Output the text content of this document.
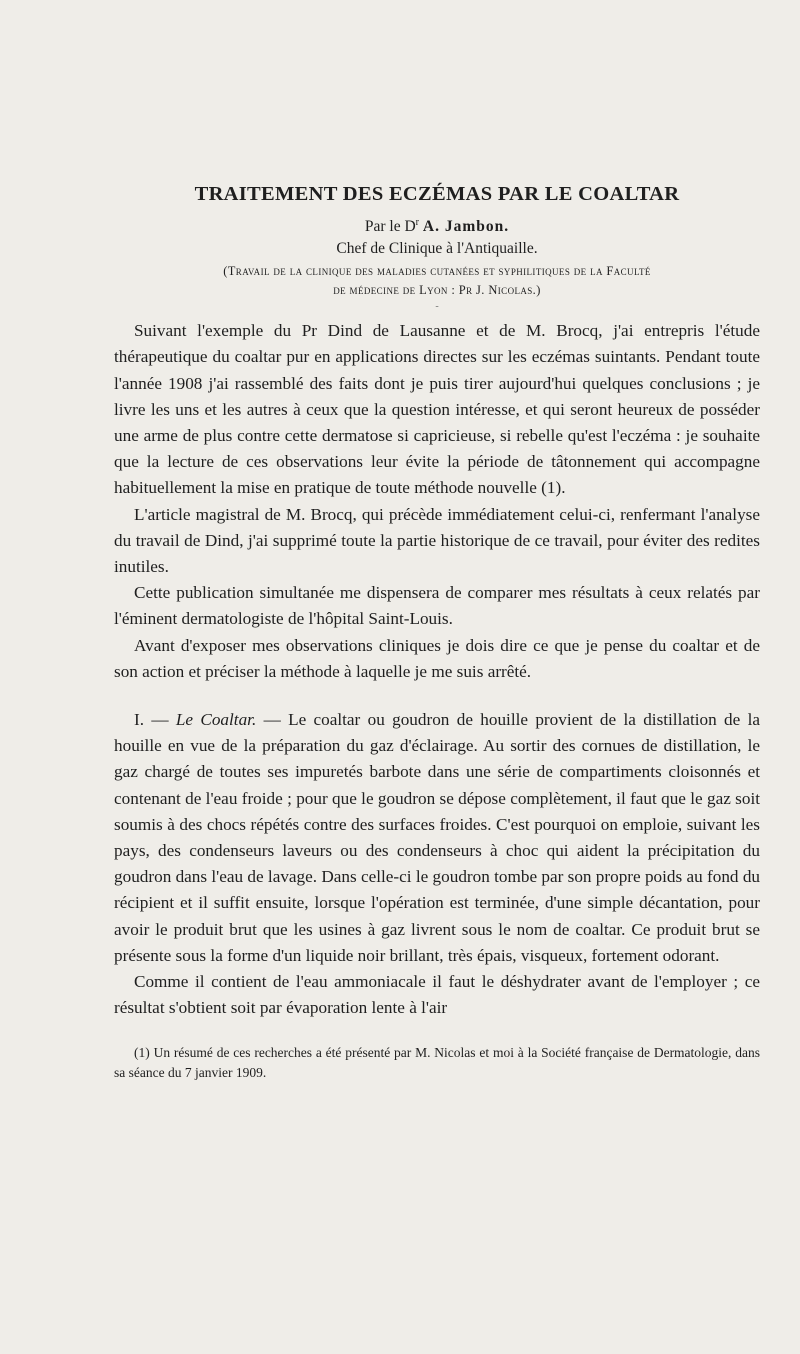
TRAITEMENT DES ECZÉMAS PAR LE COALTAR

Par le $D^r$ A. Jambon.

Chef de Clinique à l'Antiquaille.

(Travail de la clinique des maladies cutanées et syphilitiques de la Faculté

de médecine de Lyon : Pr J. Nicolas.)

-

Suivant l'exemple du Pr Dind de Lausanne et de M. Brocq, j'ai entrepris l'étude thérapeutique du coaltar pur en applications directes sur les eczémas suintants. Pendant toute l'année 1908 j'ai rassemblé des faits dont je puis tirer aujourd'hui quelques conclusions ; je livre les uns et les autres à ceux que la question intéresse, et qui seront heureux de posséder une arme de plus contre cette dermatose si capricieuse, si rebelle qu'est l'eczéma : je souhaite que la lecture de ces observations leur évite la période de tâtonnement qui accompagne habituellement la mise en pratique de toute méthode nouvelle (1).

L'article magistral de M. Brocq, qui précède immédiatement celui-ci, renfermant l'analyse du travail de Dind, j'ai supprimé toute la partie historique de ce travail, pour éviter des redites inutiles.

Cette publication simultanée me dispensera de comparer mes résultats à ceux relatés par l'éminent dermatologiste de l'hôpital Saint-Louis.

Avant d'exposer mes observations cliniques je dois dire ce que je pense du coaltar et de son action et préciser la méthode à laquelle je me suis arrêté.

I. — Le Coaltar. — Le coaltar ou goudron de houille provient de la distillation de la houille en vue de la préparation du gaz d'éclairage. Au sortir des cornues de distillation, le gaz chargé de toutes ses impuretés barbote dans une série de compartiments cloisonnés et contenant de l'eau froide ; pour que le goudron se dépose complètement, il faut que le gaz soit soumis à des chocs répétés contre des surfaces froides. C'est pourquoi on emploie, suivant les pays, des condenseurs laveurs ou des condenseurs à choc qui aident la précipitation du goudron dans l'eau de lavage. Dans celle-ci le goudron tombe par son propre poids au fond du récipient et il suffit ensuite, lorsque l'opération est terminée, d'une simple décantation, pour avoir le produit brut que les usines à gaz livrent sous le nom de coaltar. Ce produit brut se présente sous la forme d'un liquide noir brillant, très épais, visqueux, fortement odorant.

Comme il contient de l'eau ammoniacale il faut le déshydrater avant de l'employer ; ce résultat s'obtient soit par évaporation lente à l'air

(1) Un résumé de ces recherches a été présenté par M. Nicolas et moi à la Société française de Dermatologie, dans sa séance du 7 janvier 1909.
